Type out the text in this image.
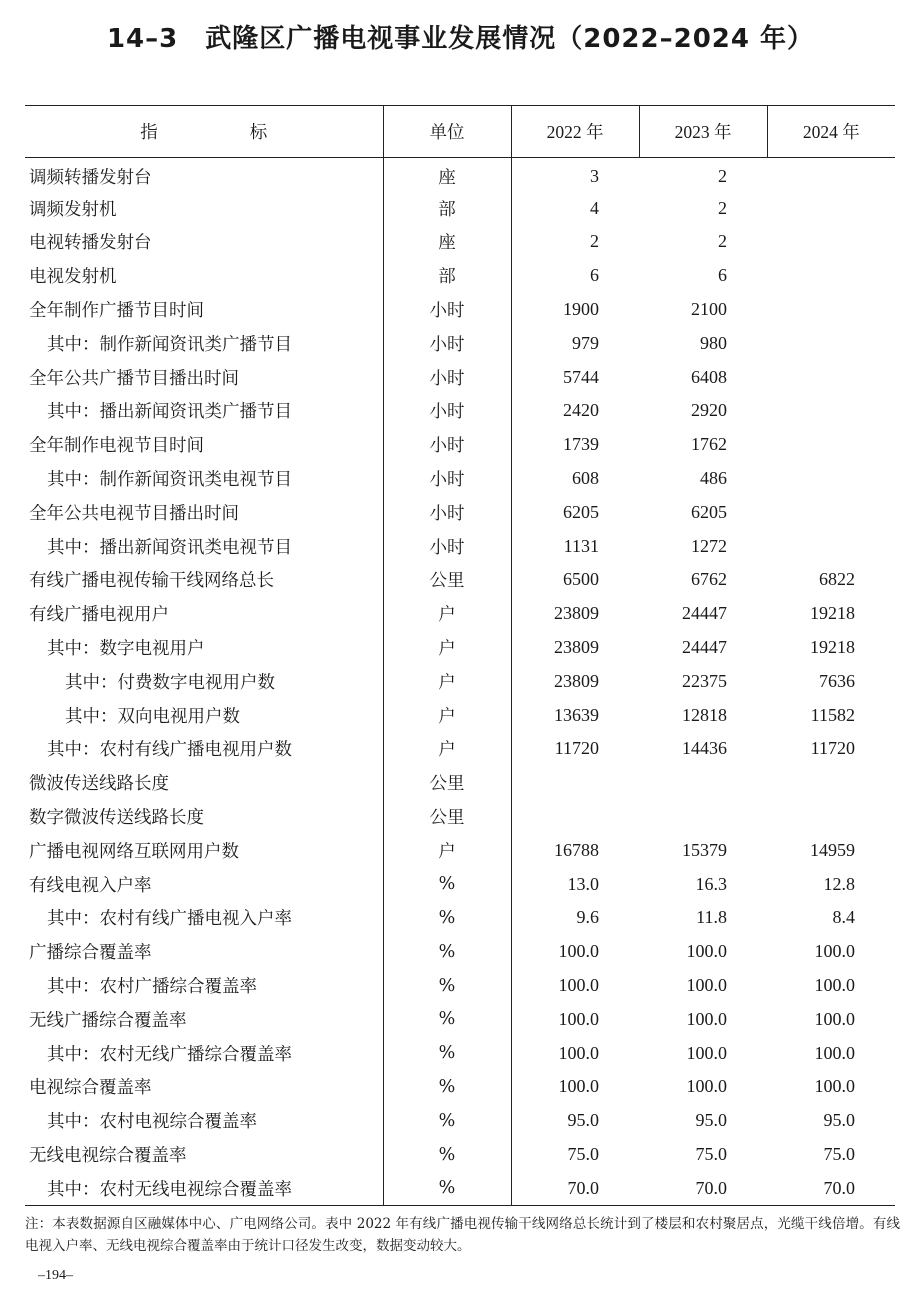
14–3　武隆区广播电视事业发展情况（2022–2024 年）
指 标	单位	2022 年	2023 年	2024 年
调频转播发射台	座	3	2	
调频发射机	部	4	2	
电视转播发射台	座	2	2	
电视发射机	部	6	6	
全年制作广播节目时间	小时	1900	2100	
其中：制作新闻资讯类广播节目	小时	979	980	
全年公共广播节目播出时间	小时	5744	6408	
其中：播出新闻资讯类广播节目	小时	2420	2920	
全年制作电视节目时间	小时	1739	1762	
其中：制作新闻资讯类电视节目	小时	608	486	
全年公共电视节目播出时间	小时	6205	6205	
其中：播出新闻资讯类电视节目	小时	1131	1272	
有线广播电视传输干线网络总长	公里	6500	6762	6822
有线广播电视用户	户	23809	24447	19218
其中：数字电视用户	户	23809	24447	19218
其中：付费数字电视用户数	户	23809	22375	7636
其中：双向电视用户数	户	13639	12818	11582
其中：农村有线广播电视用户数	户	11720	14436	11720
微波传送线路长度	公里			
数字微波传送线路长度	公里			
广播电视网络互联网用户数	户	16788	15379	14959
有线电视入户率	%	13.0	16.3	12.8
其中：农村有线广播电视入户率	%	9.6	11.8	8.4
广播综合覆盖率	%	100.0	100.0	100.0
其中：农村广播综合覆盖率	%	100.0	100.0	100.0
无线广播综合覆盖率	%	100.0	100.0	100.0
其中：农村无线广播综合覆盖率	%	100.0	100.0	100.0
电视综合覆盖率	%	100.0	100.0	100.0
其中：农村电视综合覆盖率	%	95.0	95.0	95.0
无线电视综合覆盖率	%	75.0	75.0	75.0
其中：农村无线电视综合覆盖率	%	70.0	70.0	70.0
注：本表数据源自区融媒体中心、广电网络公司。表中 2022 年有线广播电视传输干线网络总长统计到了楼层和农村聚居点，光缆干线倍增。有线电视入户率、无线电视综合覆盖率由于统计口径发生改变，数据变动较大。
–194–
